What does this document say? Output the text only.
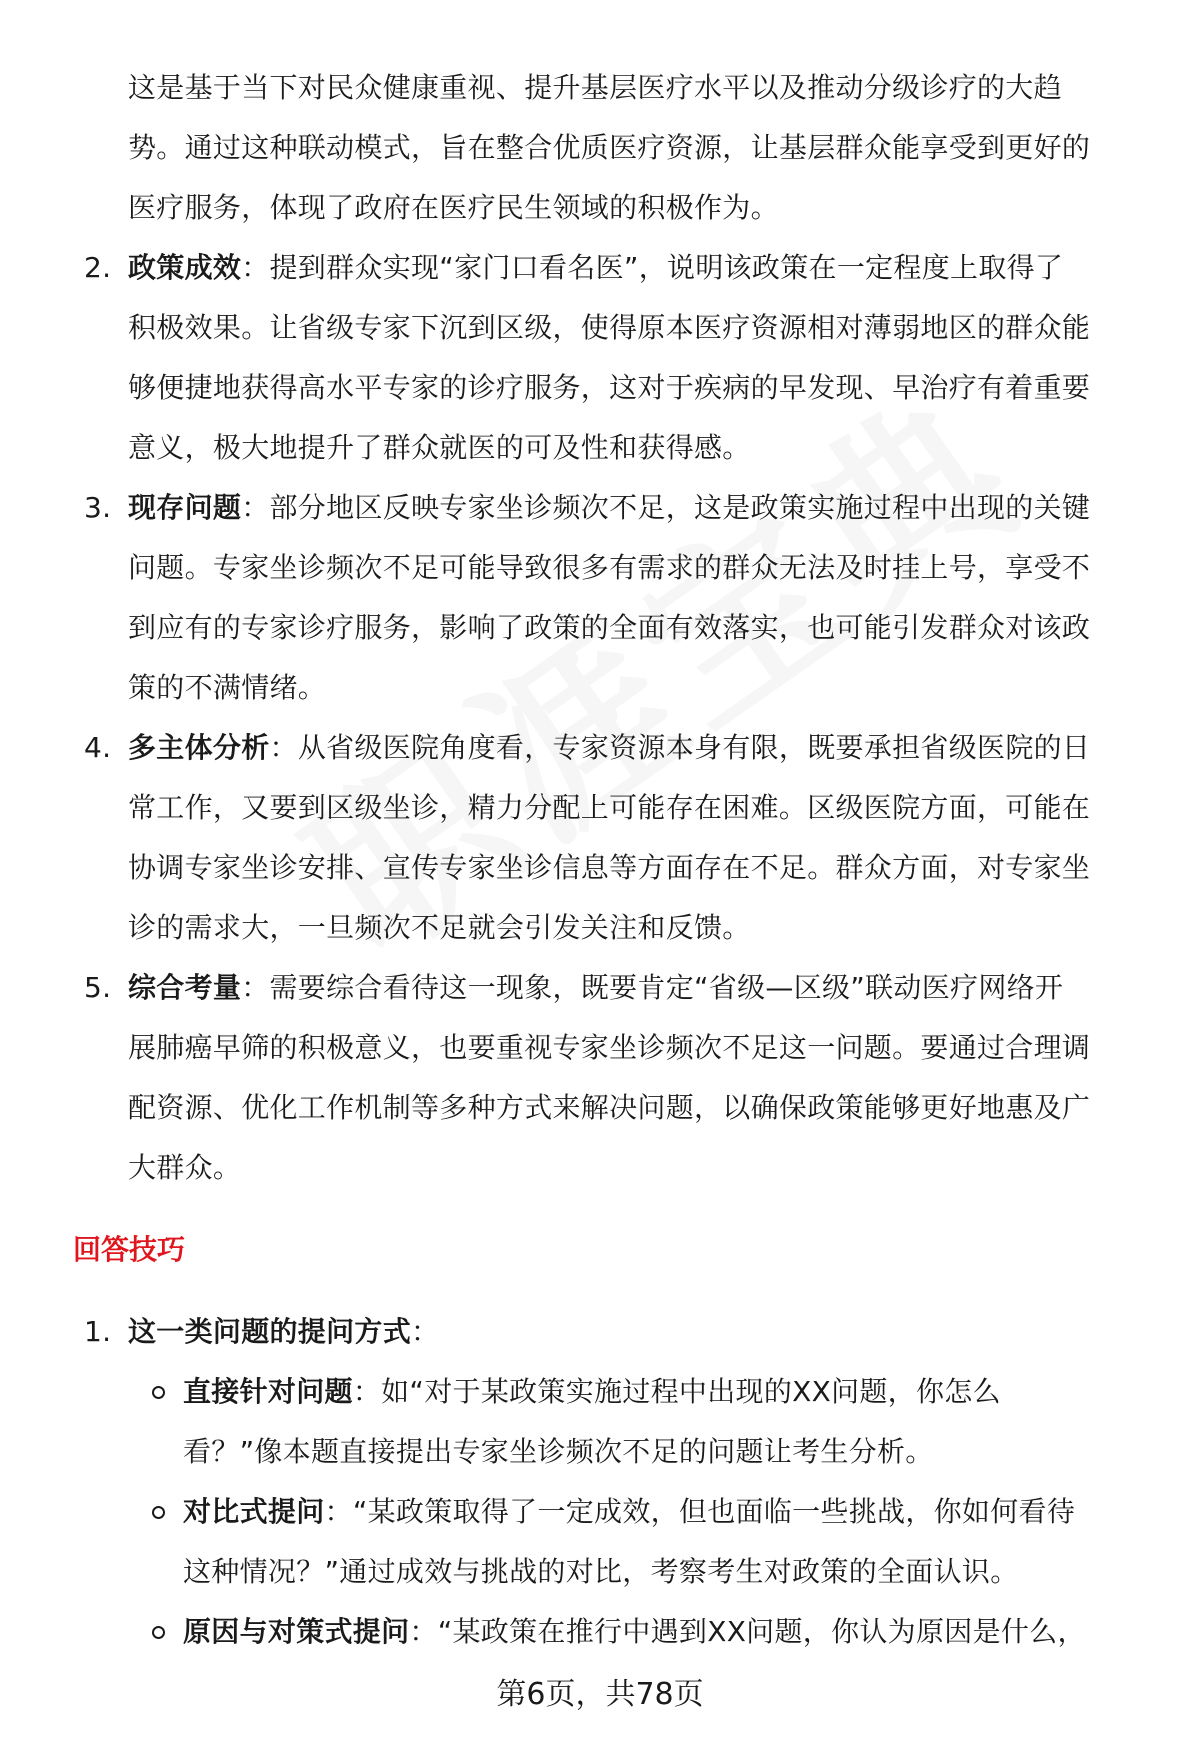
这是基于当下对民众健康重视、提升基层医疗水平以及推动分级诊疗的大趋
势。通过这种联动模式，旨在整合优质医疗资源，让基层群众能享受到更好的
医疗服务，体现了政府在医疗民生领域的积极作为。
2. 政策成效：提到群众实现“家门口看名医”，说明该政策在一定程度上取得了
积极效果。让省级专家下沉到区级，使得原本医疗资源相对薄弱地区的群众能
够便捷地获得高水平专家的诊疗服务，这对于疾病的早发现、早治疗有着重要
意义，极大地提升了群众就医的可及性和获得感。
3. 现存问题：部分地区反映专家坐诊频次不足，这是政策实施过程中出现的关键
问题。专家坐诊频次不足可能导致很多有需求的群众无法及时挂上号，享受不
到应有的专家诊疗服务，影响了政策的全面有效落实，也可能引发群众对该政
策的不满情绪。
4. 多主体分析：从省级医院角度看，专家资源本身有限，既要承担省级医院的日
常工作，又要到区级坐诊，精力分配上可能存在困难。区级医院方面，可能在
协调专家坐诊安排、宣传专家坐诊信息等方面存在不足。群众方面，对专家坐
诊的需求大，一旦频次不足就会引发关注和反馈。
5. 综合考量：需要综合看待这一现象，既要肯定“省级—区级”联动医疗网络开
展肺癌早筛的积极意义，也要重视专家坐诊频次不足这一问题。要通过合理调
配资源、优化工作机制等多种方式来解决问题，以确保政策能够更好地惠及广
大群众。
回答技巧
1. 这一类问题的提问方式：
直接针对问题：如“对于某政策实施过程中出现的XX问题，你怎么
看？”像本题直接提出专家坐诊频次不足的问题让考生分析。
对比式提问：“某政策取得了一定成效，但也面临一些挑战，你如何看待
这种情况？”通过成效与挑战的对比，考察考生对政策的全面认识。
原因与对策式提问：“某政策在推行中遇到XX问题，你认为原因是什么，
第6页，共78页
